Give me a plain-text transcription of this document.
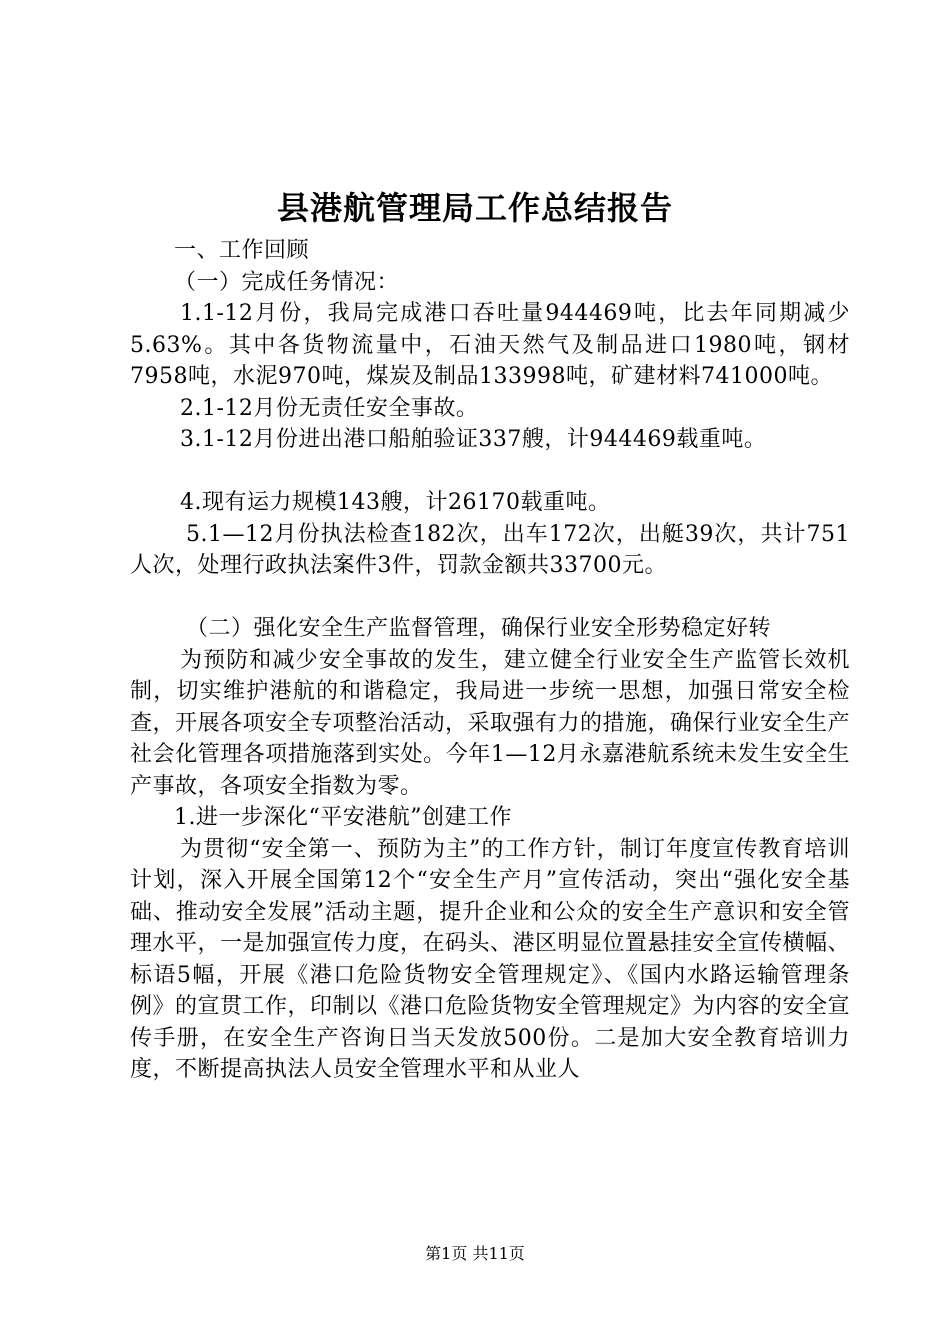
县港航管理局工作总结报告

一、工作回顾

（一）完成任务情况：

1.1-12月份，我局完成港口吞吐量944469吨，比去年同期减少5.63%。其中各货物流量中，石油天然气及制品进口1980吨，钢材7958吨，水泥970吨，煤炭及制品133998吨，矿建材料741000吨。

2.1-12月份无责任安全事故。

3.1-12月份进出港口船舶验证337艘，计944469载重吨。

4.现有运力规模143艘，计26170载重吨。

5.1—12月份执法检查182次，出车172次，出艇39次，共计751人次，处理行政执法案件3件，罚款金额共33700元。

（二）强化安全生产监督管理，确保行业安全形势稳定好转

为预防和减少安全事故的发生，建立健全行业安全生产监管长效机制，切实维护港航的和谐稳定，我局进一步统一思想，加强日常安全检查，开展各项安全专项整治活动，采取强有力的措施，确保行业安全生产社会化管理各项措施落到实处。今年1—12月永嘉港航系统未发生安全生产事故，各项安全指数为零。

1.进一步深化“平安港航”创建工作

为贯彻“安全第一、预防为主”的工作方针，制订年度宣传教育培训计划，深入开展全国第12个“安全生产月”宣传活动，突出“强化安全基础、推动安全发展”活动主题，提升企业和公众的安全生产意识和安全管理水平，一是加强宣传力度，在码头、港区明显位置悬挂安全宣传横幅、标语5幅，开展《港口危险货物安全管理规定》、《国内水路运输管理条例》的宣贯工作，印制以《港口危险货物安全管理规定》为内容的安全宣传手册，在安全生产咨询日当天发放500份。二是加大安全教育培训力度，不断提高执法人员安全管理水平和从业人

第1页 共11页
